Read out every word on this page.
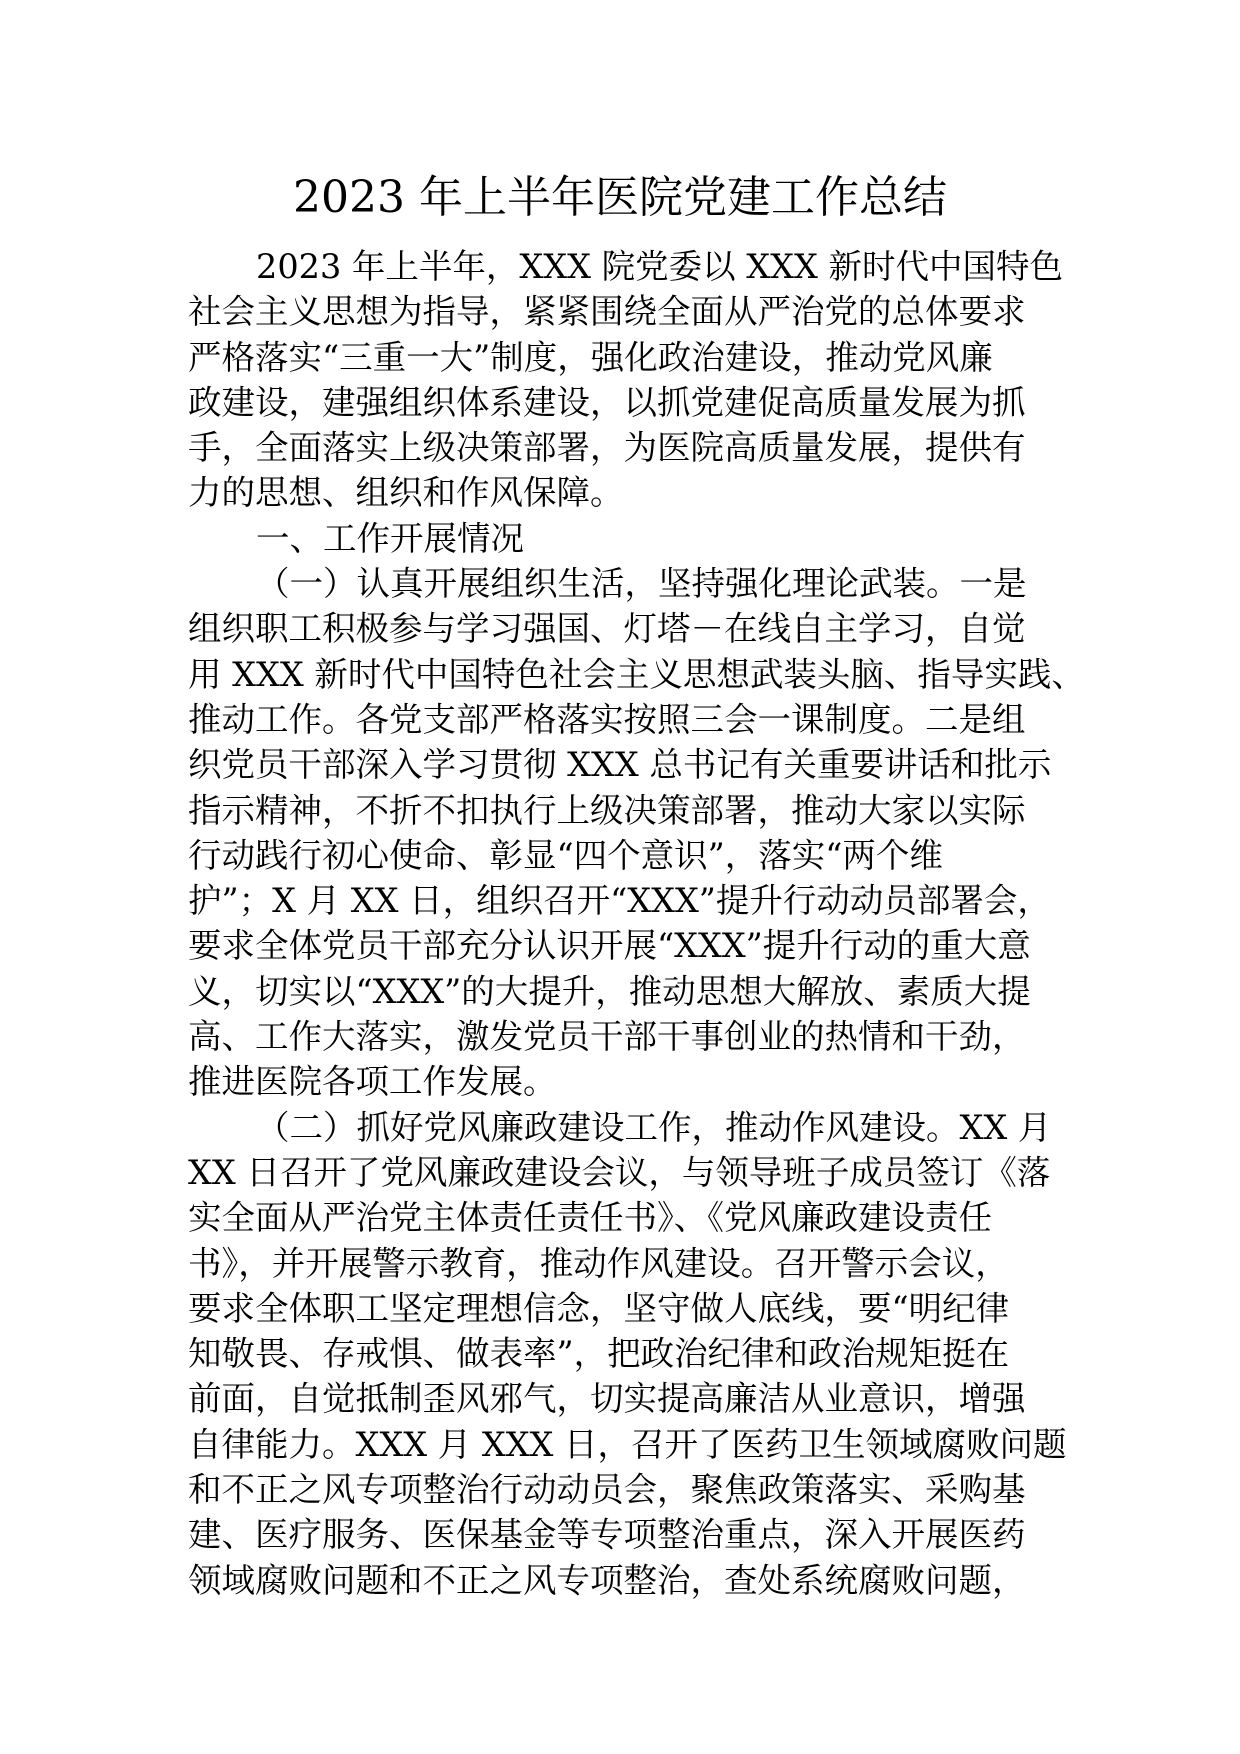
2023 年上半年医院党建工作总结
2023 年上半年，XXX 院党委以 XXX 新时代中国特色
社会主义思想为指导，紧紧围绕全面从严治党的总体要求
严格落实“三重一大”制度，强化政治建设，推动党风廉
政建设，建强组织体系建设，以抓党建促高质量发展为抓
手，全面落实上级决策部署，为医院高质量发展，提供有
力的思想、组织和作风保障。
一、工作开展情况
（一）认真开展组织生活，坚持强化理论武装。一是
组织职工积极参与学习强国、灯塔－在线自主学习，自觉
用 XXX 新时代中国特色社会主义思想武装头脑、指导实践、
推动工作。各党支部严格落实按照三会一课制度。二是组
织党员干部深入学习贯彻 XXX 总书记有关重要讲话和批示
指示精神，不折不扣执行上级决策部署，推动大家以实际
行动践行初心使命、彰显“四个意识”，落实“两个维
护”；X 月 XX 日，组织召开“XXX”提升行动动员部署会，
要求全体党员干部充分认识开展“XXX”提升行动的重大意
义，切实以“XXX”的大提升，推动思想大解放、素质大提
高、工作大落实，激发党员干部干事创业的热情和干劲，
推进医院各项工作发展。
（二）抓好党风廉政建设工作，推动作风建设。XX 月
XX 日召开了党风廉政建设会议，与领导班子成员签订《落
实全面从严治党主体责任责任书》、《党风廉政建设责任
书》，并开展警示教育，推动作风建设。召开警示会议，
要求全体职工坚定理想信念，坚守做人底线，要“明纪律
知敬畏、存戒惧、做表率”，把政治纪律和政治规矩挺在
前面，自觉抵制歪风邪气，切实提高廉洁从业意识，增强
自律能力。XXX 月 XXX 日，召开了医药卫生领域腐败问题
和不正之风专项整治行动动员会，聚焦政策落实、采购基
建、医疗服务、医保基金等专项整治重点，深入开展医药
领域腐败问题和不正之风专项整治，查处系统腐败问题，
